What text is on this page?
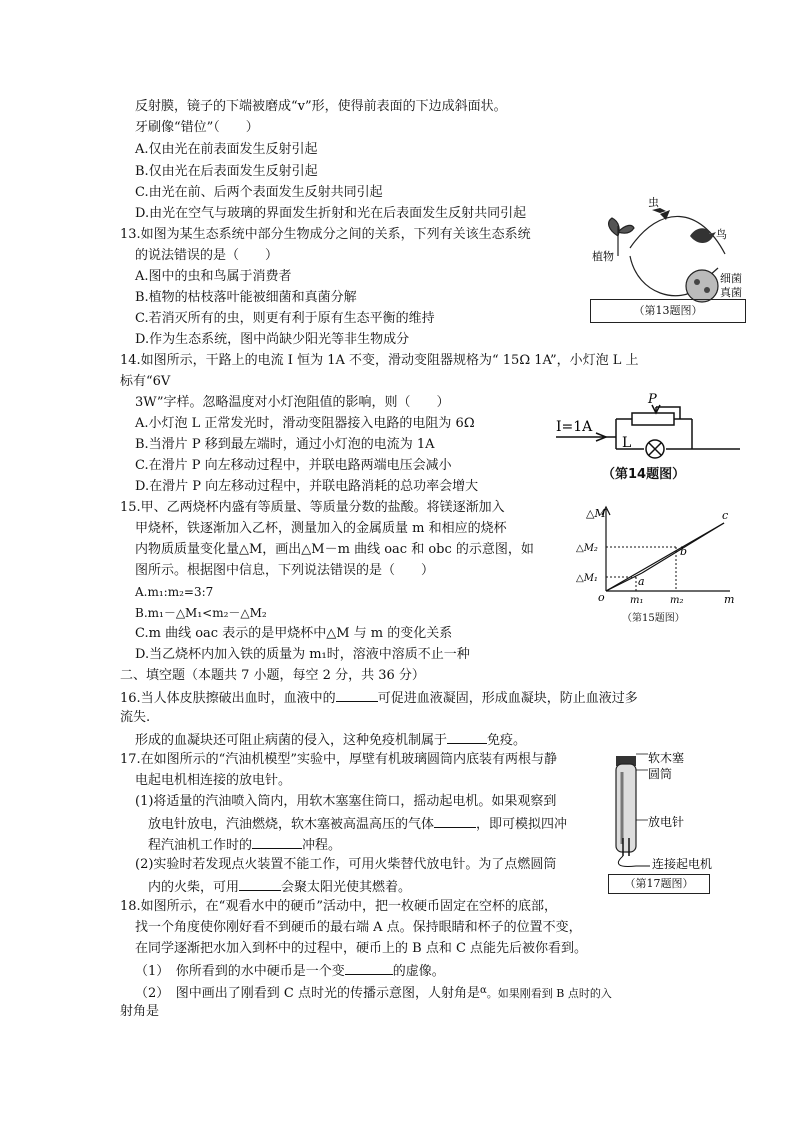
反射膜，镜子的下端被磨成“v”形，使得前表面的下边成斜面状。
牙刷像“错位”（　　）
A.仅由光在前表面发生反射引起
B.仅由光在后表面发生反射引起
C.由光在前、后两个表面发生反射共同引起
D.由光在空气与玻璃的界面发生折射和光在后表面发生反射共同引起
13.如图为某生态系统中部分生物成分之间的关系，下列有关该生态系统
的说法错误的是（　　）
A.图中的虫和鸟属于消费者
B.植物的枯枝落叶能被细菌和真菌分解
C.若消灭所有的虫，则更有利于原有生态平衡的维持
D.作为生态系统，图中尚缺少阳光等非生物成分
14.如图所示，干路上的电流 I 恒为 1A 不变，滑动变阻器规格为“ 15Ω 1A”，小灯泡 L 上
标有“6V
3W”字样。忽略温度对小灯泡阻值的影响，则（　　）
A.小灯泡 L 正常发光时，滑动变阻器接入电路的电阻为 6Ω
B.当滑片 P 移到最左端时，通过小灯泡的电流为 1A
C.在滑片 P 向左移动过程中，并联电路两端电压会减小
D.在滑片 P 向左移动过程中，并联电路消耗的总功率会增大
15.甲、乙两烧杯内盛有等质量、等质量分数的盐酸。将镁逐渐加入
甲烧杯，铁逐渐加入乙杯，测量加入的金属质量 m 和相应的烧杯
内物质质量变化量△M，画出△M－m 曲线 oac 和 obc 的示意图，如
图所示。根据图中信息，下列说法错误的是（　　）
A.m₁:m₂=3:7
B.m₁－△M₁<m₂－△M₂
C.m 曲线 oac 表示的是甲烧杯中△M 与 m 的变化关系
D.当乙烧杯内加入铁的质量为 m₁时，溶液中溶质不止一种
二、填空题（本题共 7 小题，每空 2 分，共 36 分）
16.当人体皮肤擦破出血时，血液中的	可促进血液凝固，形成血凝块，防止血液过多
流失.
形成的血凝块还可阻止病菌的侵入，这种免疫机制属于	免疫。
17.在如图所示的“汽油机模型”实验中，厚壁有机玻璃圆筒内底装有两根与静
电起电机相连接的放电针。
(1)将适量的汽油喷入筒内，用软木塞塞住筒口，摇动起电机。如果观察到
放电针放电，汽油燃烧，软木塞被高温高压的气体	，即可模拟四冲
程汽油机工作时的	冲程。
(2)实验时若发现点火装置不能工作，可用火柴替代放电针。为了点燃圆筒
内的火柴，可用	会聚太阳光使其燃着。
18.如图所示，在“观看水中的硬币”活动中，把一枚硬币固定在空杯的底部，
找一个角度使你刚好看不到硬币的最右端 A 点。保持眼睛和杯子的位置不变，
在同学逐渐把水加入到杯中的过程中，硬币上的 B 点和 C 点能先后被你看到。
（1）　你所看到的水中硬币是一个变	的虚像。
（2）　图中画出了刚看到 C 点时光的传播示意图，人射角是$^\alpha$。如果刚看到 B 点时的入
射角是
虫
鸟
植物
细菌
真菌
（第13题图）
I=1A
P
L
（第14题图）
△M
m
o
△M₂
△M₁
m₁	m₂
a
b
c
（第15题图）
软木塞
圆筒
放电针
连接起电机
（第17题图）
